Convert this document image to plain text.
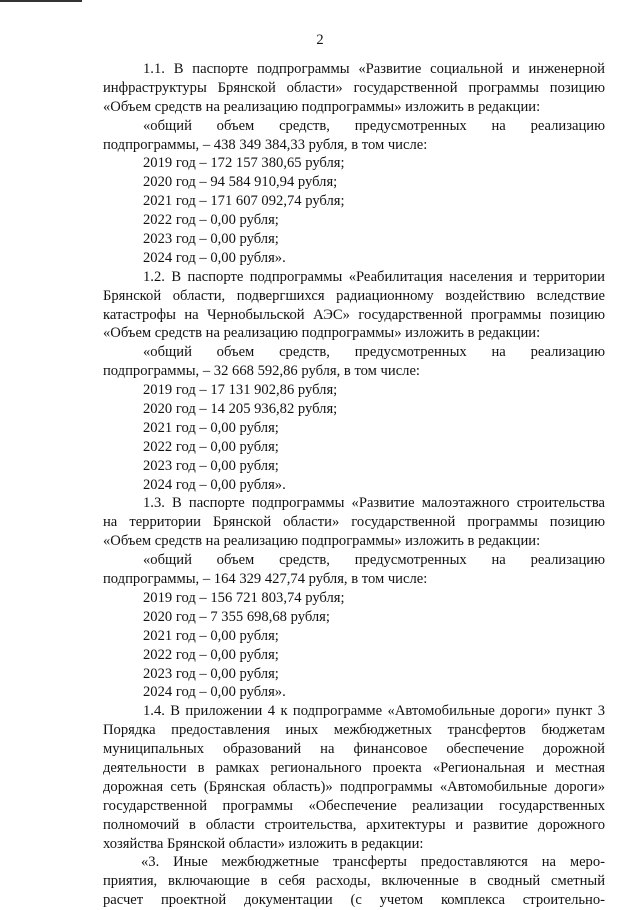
2
1.1. В паспорте подпрограммы «Развитие социальной и инженерной
инфраструктуры Брянской области» государственной программы позицию
«Объем средств на реализацию подпрограммы» изложить в редакции:
«общий объем средств, предусмотренных на реализацию
подпрограммы, – 438 349 384,33 рубля, в том числе:
2019 год – 172 157 380,65 рубля;
2020 год – 94 584 910,94 рубля;
2021 год – 171 607 092,74 рубля;
2022 год – 0,00 рубля;
2023 год – 0,00 рубля;
2024 год – 0,00 рубля».
1.2. В паспорте подпрограммы «Реабилитация населения и территории
Брянской области, подвергшихся радиационному воздействию вследствие
катастрофы на Чернобыльской АЭС» государственной программы позицию
«Объем средств на реализацию подпрограммы» изложить в редакции:
«общий объем средств, предусмотренных на реализацию
подпрограммы, – 32 668 592,86 рубля, в том числе:
2019 год – 17 131 902,86 рубля;
2020 год – 14 205 936,82 рубля;
2021 год – 0,00 рубля;
2022 год – 0,00 рубля;
2023 год – 0,00 рубля;
2024 год – 0,00 рубля».
1.3. В паспорте подпрограммы «Развитие малоэтажного строительства
на территории Брянской области» государственной программы позицию
«Объем средств на реализацию подпрограммы» изложить в редакции:
«общий объем средств, предусмотренных на реализацию
подпрограммы, – 164 329 427,74 рубля, в том числе:
2019 год – 156 721 803,74 рубля;
2020 год – 7 355 698,68 рубля;
2021 год – 0,00 рубля;
2022 год – 0,00 рубля;
2023 год – 0,00 рубля;
2024 год – 0,00 рубля».
1.4. В приложении 4 к подпрограмме «Автомобильные дороги» пункт 3
Порядка предоставления иных межбюджетных трансфертов бюджетам
муниципальных образований на финансовое обеспечение дорожной
деятельности в рамках регионального проекта «Региональная и местная
дорожная сеть (Брянская область)» подпрограммы «Автомобильные дороги»
государственной программы «Обеспечение реализации государственных
полномочий в области строительства, архитектуры и развитие дорожного
хозяйства Брянской области» изложить в редакции:
«3. Иные межбюджетные трансферты предоставляются на меро-
приятия, включающие в себя расходы, включенные в сводный сметный
расчет проектной документации (с учетом комплекса строительно-
